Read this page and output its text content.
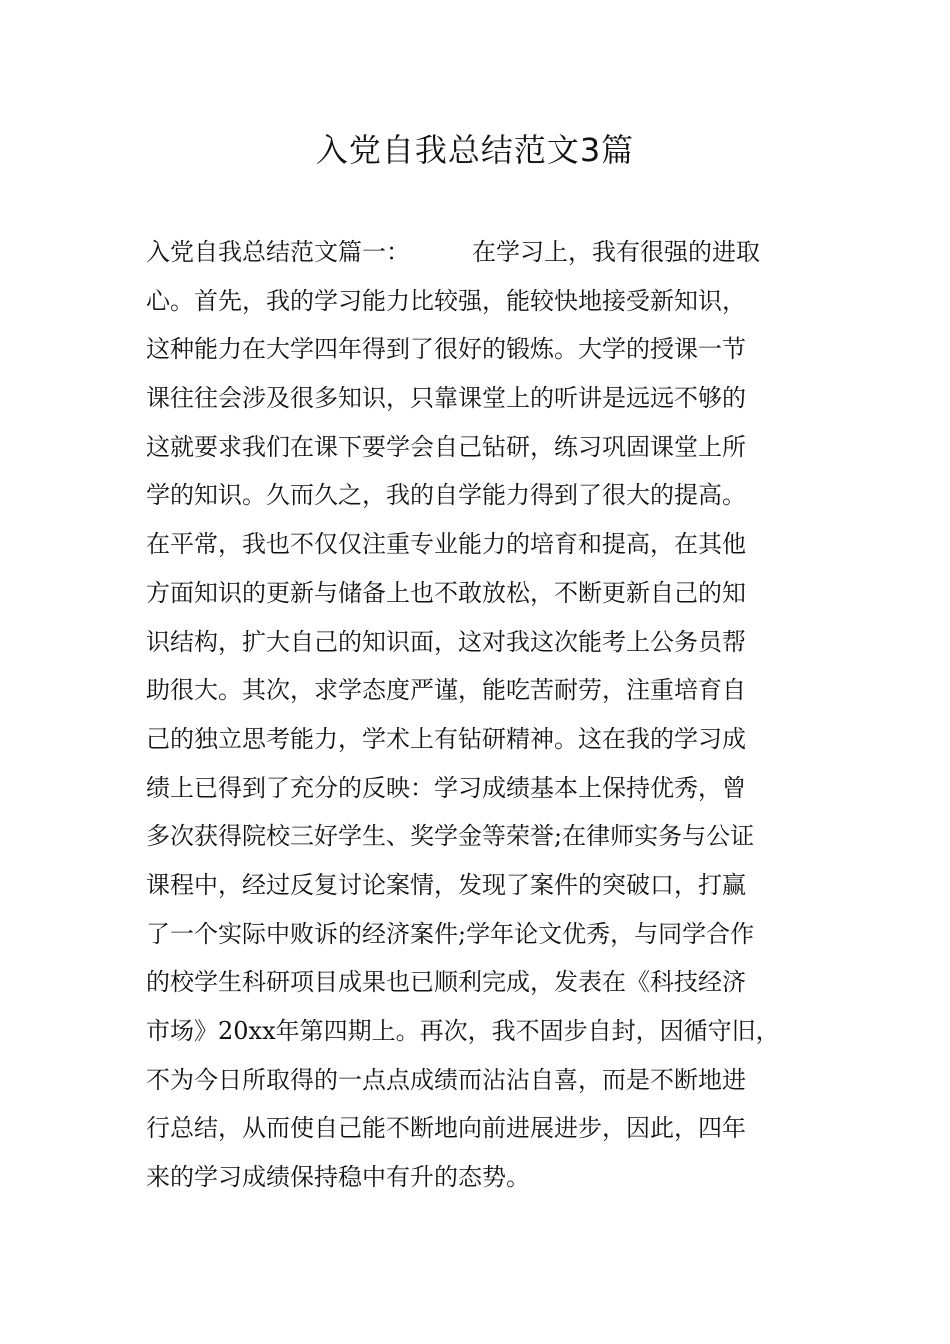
入党自我总结范文3篇
入党自我总结范文篇一：	在学习上，我有很强的进取
心。首先，我的学习能力比较强，能较快地接受新知识，
这种能力在大学四年得到了很好的锻炼。大学的授课一节
课往往会涉及很多知识，只靠课堂上的听讲是远远不够的
这就要求我们在课下要学会自己钻研，练习巩固课堂上所
学的知识。久而久之，我的自学能力得到了很大的提高。
在平常，我也不仅仅注重专业能力的培育和提高，在其他
方面知识的更新与储备上也不敢放松，不断更新自己的知
识结构，扩大自己的知识面，这对我这次能考上公务员帮
助很大。其次，求学态度严谨，能吃苦耐劳，注重培育自
己的独立思考能力，学术上有钻研精神。这在我的学习成
绩上已得到了充分的反映：学习成绩基本上保持优秀，曾
多次获得院校三好学生、奖学金等荣誉;在律师实务与公证
课程中，经过反复讨论案情，发现了案件的突破口，打赢
了一个实际中败诉的经济案件;学年论文优秀，与同学合作
的校学生科研项目成果也已顺利完成，发表在《科技经济
市场》20xx年第四期上。再次，我不固步自封，因循守旧，
不为今日所取得的一点点成绩而沾沾自喜，而是不断地进
行总结，从而使自己能不断地向前进展进步，因此，四年
来的学习成绩保持稳中有升的态势。
